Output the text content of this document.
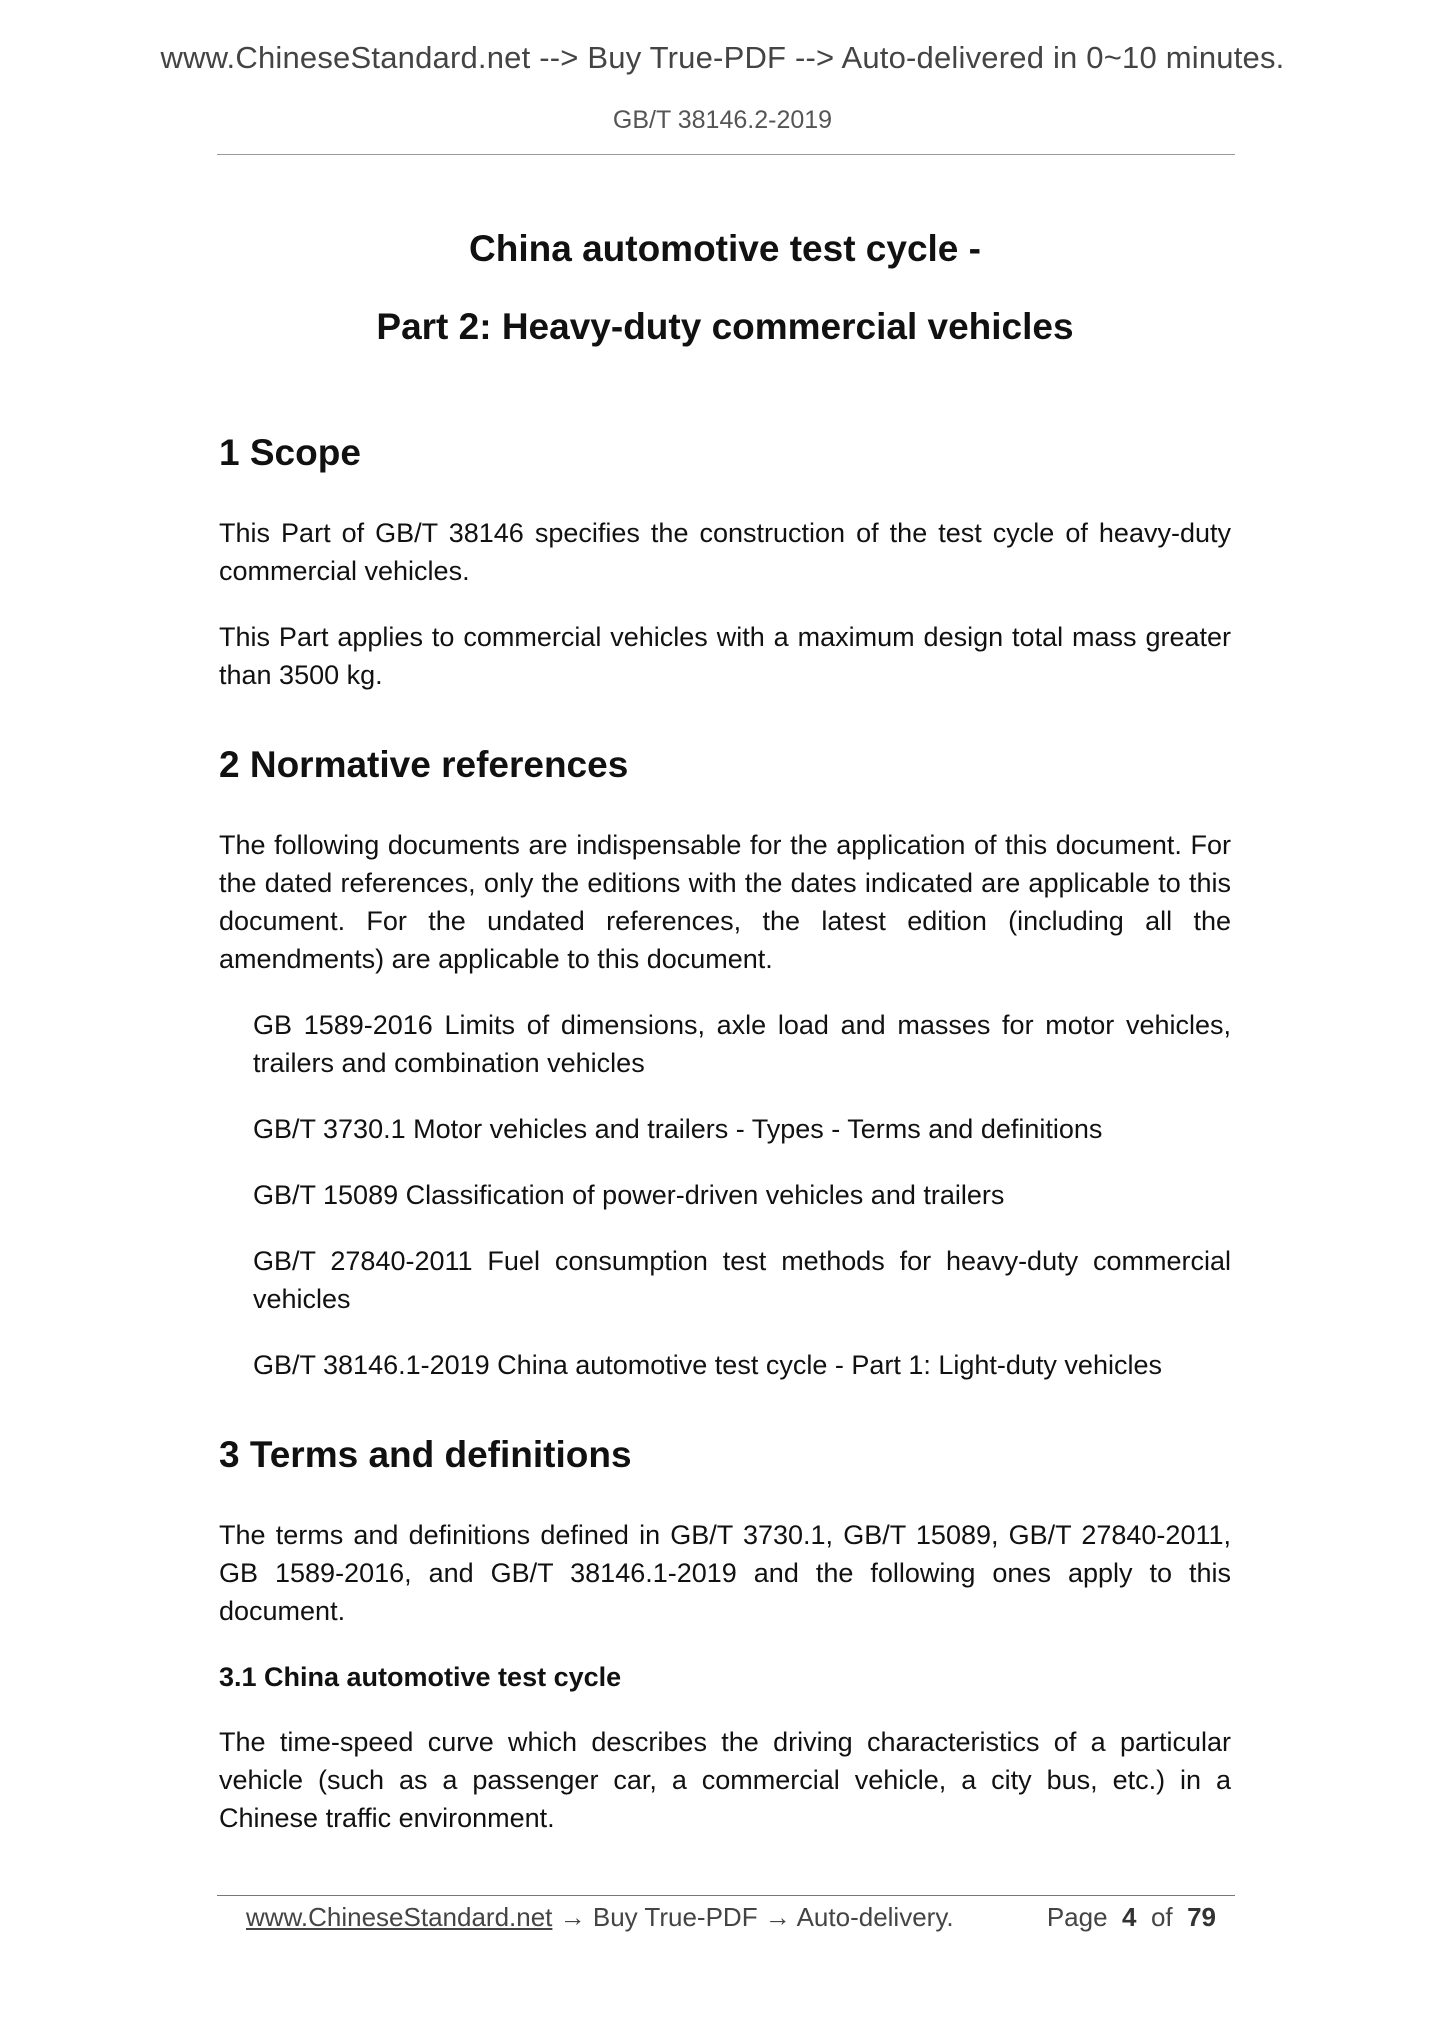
www.ChineseStandard.net --> Buy True-PDF --> Auto-delivered in 0~10 minutes.
GB/T 38146.2-2019
China automotive test cycle -
Part 2: Heavy-duty commercial vehicles
1 Scope

This Part of GB/T 38146 specifies the construction of the test cycle of heavy-duty commercial vehicles.

This Part applies to commercial vehicles with a maximum design total mass greater than 3500 kg.

2 Normative references

The following documents are indispensable for the application of this document. For the dated references, only the editions with the dates indicated are applicable to this document. For the undated references, the latest edition (including all the amendments) are applicable to this document.

GB 1589-2016 Limits of dimensions, axle load and masses for motor vehicles, trailers and combination vehicles

GB/T 3730.1 Motor vehicles and trailers - Types - Terms and definitions

GB/T 15089 Classification of power-driven vehicles and trailers

GB/T 27840-2011 Fuel consumption test methods for heavy-duty commercial vehicles

GB/T 38146.1-2019 China automotive test cycle - Part 1: Light-duty vehicles

3 Terms and definitions

The terms and definitions defined in GB/T 3730.1, GB/T 15089, GB/T 27840-2011, GB 1589-2016, and GB/T 38146.1-2019 and the following ones apply to this document.

3.1 China automotive test cycle

The time-speed curve which describes the driving characteristics of a particular vehicle (such as a passenger car, a commercial vehicle, a city bus, etc.) in a Chinese traffic environment.

www.ChineseStandard.net → Buy True-PDF → Auto-delivery.	Page 4 of 79
